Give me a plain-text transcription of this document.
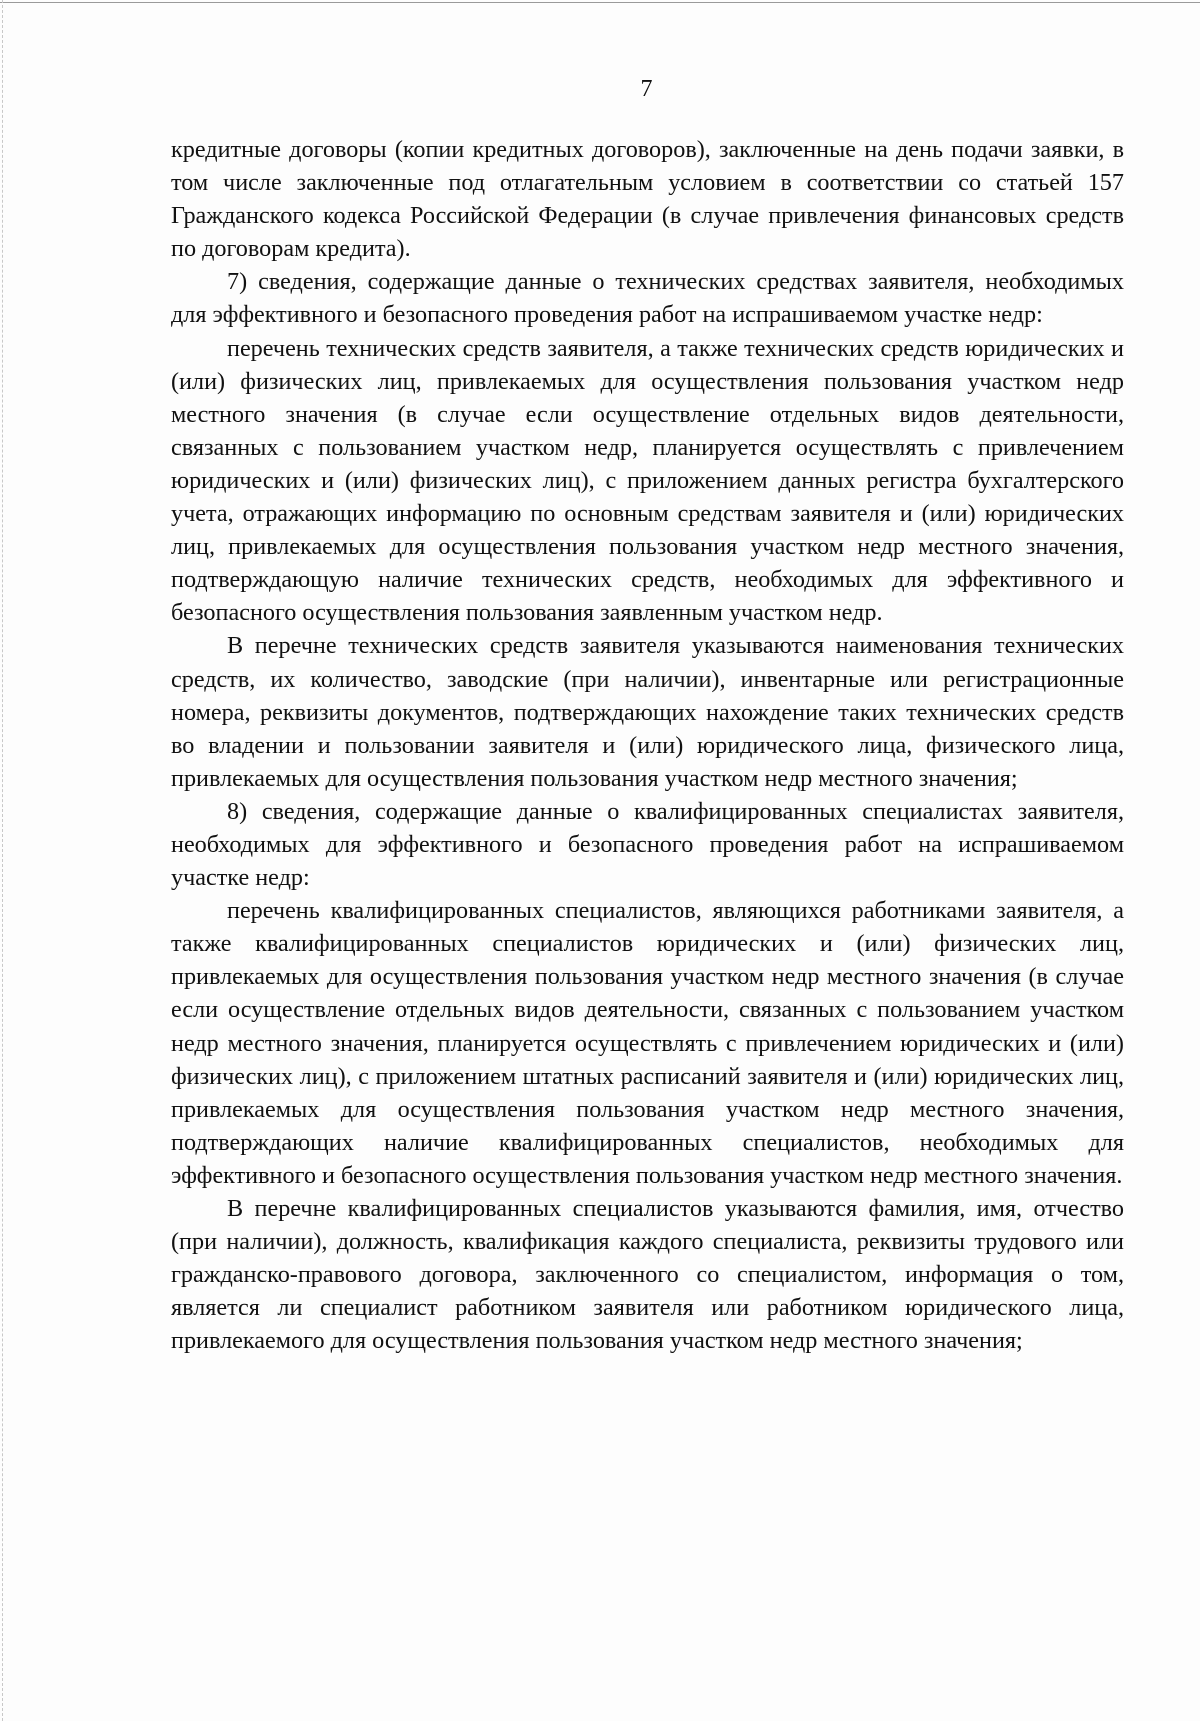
7

кредитные договоры (копии кредитных договоров), заключенные на день подачи заявки, в том числе заключенные под отлагательным условием в соответствии со статьей 157 Гражданского кодекса Российской Федерации (в случае привлечения финансовых средств по договорам кредита).

7) сведения, содержащие данные о технических средствах заявителя, необходимых для эффективного и безопасного проведения работ на испрашиваемом участке недр:

перечень технических средств заявителя, а также технических средств юридических и (или) физических лиц, привлекаемых для осуществления пользования участком недр местного значения (в случае если осуществление отдельных видов деятельности, связанных с пользованием участком недр, планируется осуществлять с привлечением юридических и (или) физических лиц), с приложением данных регистра бухгалтерского учета, отражающих информацию по основным средствам заявителя и (или) юридических лиц, привлекаемых для осуществления пользования участком недр местного значения, подтверждающую наличие технических средств, необходимых для эффективного и безопасного осуществления пользования заявленным участком недр.

В перечне технических средств заявителя указываются наименования технических средств, их количество, заводские (при наличии), инвентарные или регистрационные номера, реквизиты документов, подтверждающих нахождение таких технических средств во владении и пользовании заявителя и (или) юридического лица, физического лица, привлекаемых для осуществления пользования участком недр местного значения;

8) сведения, содержащие данные о квалифицированных специалистах заявителя, необходимых для эффективного и безопасного проведения работ на испрашиваемом участке недр:

перечень квалифицированных специалистов, являющихся работниками заявителя, а также квалифицированных специалистов юридических и (или) физических лиц, привлекаемых для осуществления пользования участком недр местного значения (в случае если осуществление отдельных видов деятельности, связанных с пользованием участком недр местного значения, планируется осуществлять с привлечением юридических и (или) физических лиц), с приложением штатных расписаний заявителя и (или) юридических лиц, привлекаемых для осуществления пользования участком недр местного значения, подтверждающих наличие квалифицированных специалистов, необходимых для эффективного и безопасного осуществления пользования участком недр местного значения.

В перечне квалифицированных специалистов указываются фамилия, имя, отчество (при наличии), должность, квалификация каждого специалиста, реквизиты трудового или гражданско-правового договора, заключенного со специалистом, информация о том, является ли специалист работником заявителя или работником юридического лица, привлекаемого для осуществления пользования участком недр местного значения;
